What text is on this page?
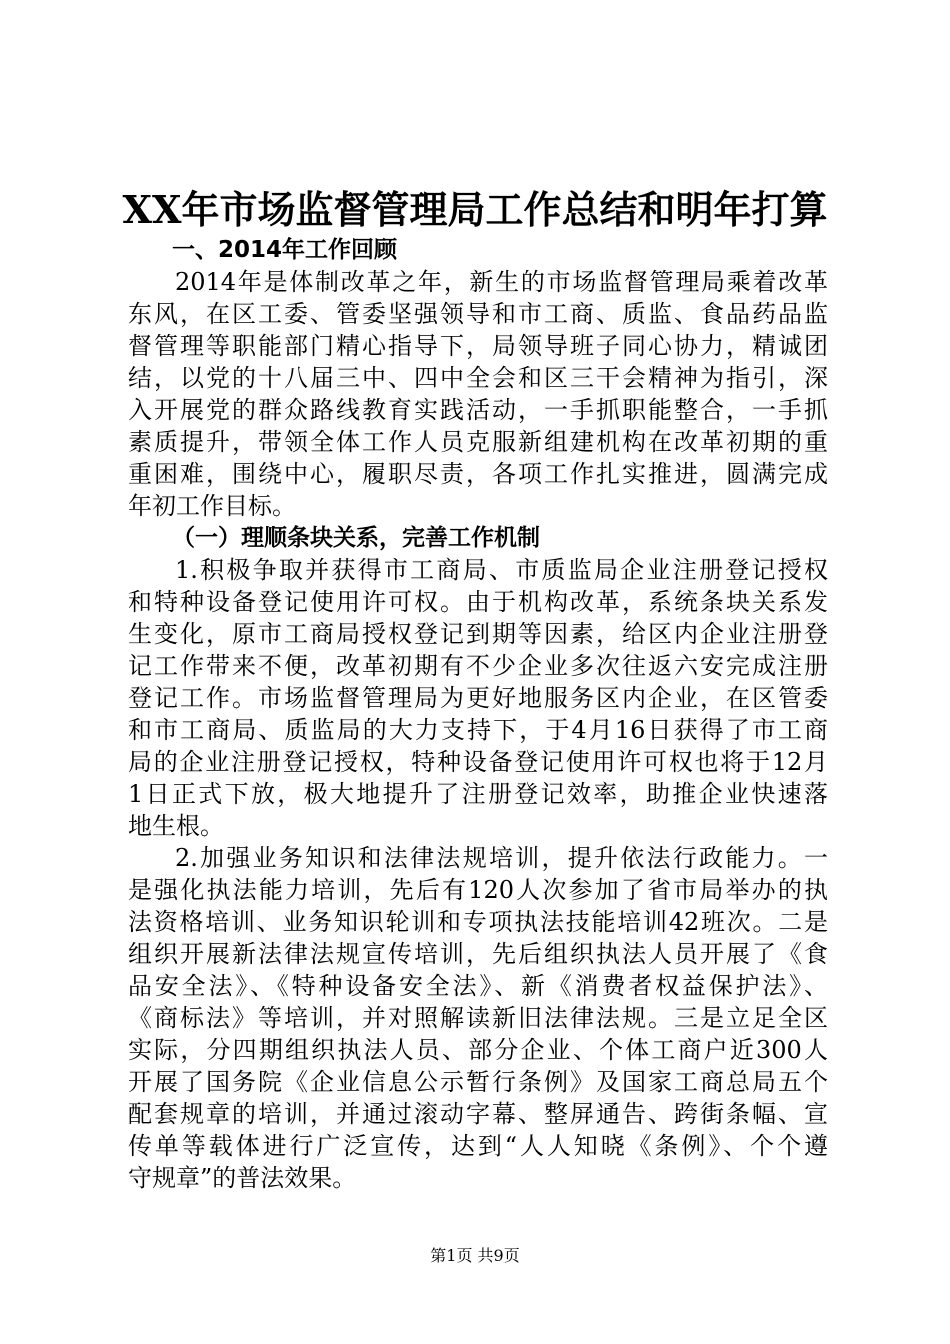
XX年市场监督管理局工作总结和明年打算
一、2014年工作回顾
2014年是体制改革之年，新生的市场监督管理局乘着改革
东风，在区工委、管委坚强领导和市工商、质监、食品药品监
督管理等职能部门精心指导下，局领导班子同心协力，精诚团
结，以党的十八届三中、四中全会和区三干会精神为指引，深
入开展党的群众路线教育实践活动，一手抓职能整合，一手抓
素质提升，带领全体工作人员克服新组建机构在改革初期的重
重困难，围绕中心，履职尽责，各项工作扎实推进，圆满完成
年初工作目标。
（一）理顺条块关系，完善工作机制
1.积极争取并获得市工商局、市质监局企业注册登记授权
和特种设备登记使用许可权。由于机构改革，系统条块关系发
生变化，原市工商局授权登记到期等因素，给区内企业注册登
记工作带来不便，改革初期有不少企业多次往返六安完成注册
登记工作。市场监督管理局为更好地服务区内企业，在区管委
和市工商局、质监局的大力支持下，于4月16日获得了市工商
局的企业注册登记授权，特种设备登记使用许可权也将于12月
1日正式下放，极大地提升了注册登记效率，助推企业快速落
地生根。
2.加强业务知识和法律法规培训，提升依法行政能力。一
是强化执法能力培训，先后有120人次参加了省市局举办的执
法资格培训、业务知识轮训和专项执法技能培训42班次。二是
组织开展新法律法规宣传培训，先后组织执法人员开展了《食
品安全法》、《特种设备安全法》、新《消费者权益保护法》、
《商标法》等培训，并对照解读新旧法律法规。三是立足全区
实际，分四期组织执法人员、部分企业、个体工商户近300人
开展了国务院《企业信息公示暂行条例》及国家工商总局五个
配套规章的培训，并通过滚动字幕、整屏通告、跨街条幅、宣
传单等载体进行广泛宣传，达到“人人知晓《条例》、个个遵
守规章”的普法效果。
第1页 共9页
